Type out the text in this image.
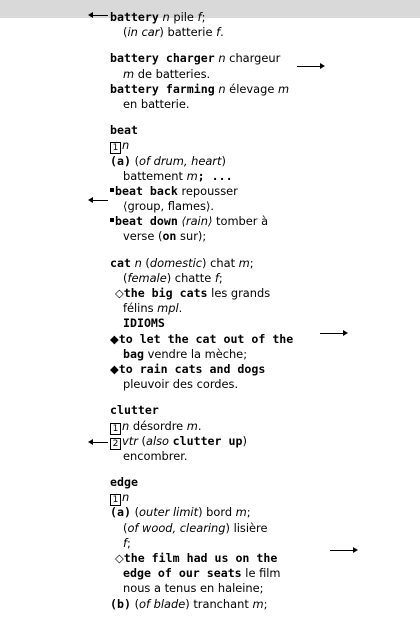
battery n pile f;
(in car) batterie f.
battery charger n chargeur
m de batteries.
battery farming n élevage m
en batterie.
beat
1 n
(a) (of drum, heart)
battement m; ...
beat back repousser
⟨group, flames⟩.
beat down ⟨rain⟩ tomber à
verse (on sur);
cat n (domestic) chat m;
(female) chatte f;
◇the big cats les grands
félins mpl.
IDIOMS
◆to let the cat out of the
bag vendre la mèche;
◆to rain cats and dogs
pleuvoir des cordes.
clutter
1 n désordre m.
2 vtr (also clutter up)
encombrer.
edge
1 n
(a) (outer limit) bord m;
(of wood, clearing) lisière
f;
◇the film had us on the
edge of our seats le film
nous a tenus en haleine;
(b) (of blade) tranchant m;
